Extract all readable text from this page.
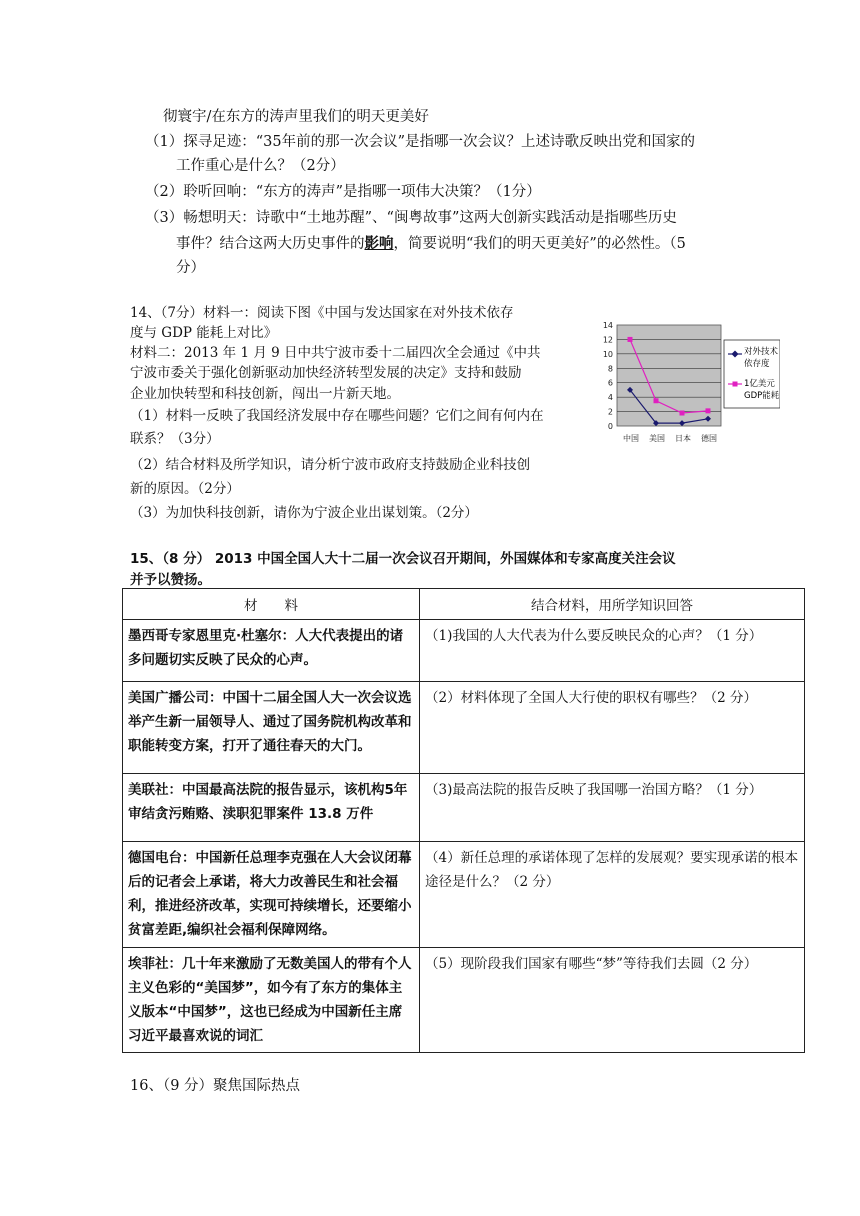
彻寰宇/在东方的涛声里我们的明天更美好
（1）探寻足迹：“35年前的那一次会议”是指哪一次会议？上述诗歌反映出党和国家的
工作重心是什么？（2分）
（2）聆听回响：“东方的涛声”是指哪一项伟大决策？（1分）
（3）畅想明天：诗歌中“土地苏醒”、“闽粤故事”这两大创新实践活动是指哪些历史
事件？结合这两大历史事件的影响，简要说明“我们的明天更美好”的必然性。（5
分）
14、（7分）材料一：阅读下图《中国与发达国家在对外技术依存
度与 GDP 能耗上对比》
材料二：2013 年 1 月 9 日中共宁波市委十二届四次全会通过《中共
宁波市委关于强化创新驱动加快经济转型发展的决定》支持和鼓励
企业加快转型和科技创新，闯出一片新天地。
（1）材料一反映了我国经济发展中存在哪些问题？它们之间有何内在
联系？（3分）
（2）结合材料及所学知识，请分析宁波市政府支持鼓励企业科技创
新的原因。（2分）
（3）为加快科技创新，请你为宁波企业出谋划策。（2分）
0
2
4
6
8
10
12
14
中国 美国 日本 德国
对外技术
依存度
1亿美元
GDP能耗
15、（8 分） 2013 中国全国人大十二届一次会议召开期间，外国媒体和专家高度关注会议
并予以赞扬。
材　　料	结合材料，用所学知识回答
墨西哥专家恩里克·杜塞尔：人大代表提出的诸多问题切实反映了民众的心声。	（1)我国的人大代表为什么要反映民众的心声？（1 分）
美国广播公司：中国十二届全国人大一次会议选举产生新一届领导人、通过了国务院机构改革和职能转变方案，打开了通往春天的大门。	（2）材料体现了全国人大行使的职权有哪些？（2 分）
美联社：中国最高法院的报告显示，该机构5年审结贪污贿赂、渎职犯罪案件 13.8 万件	（3)最高法院的报告反映了我国哪一治国方略？（1 分）
德国电台：中国新任总理李克强在人大会议闭幕后的记者会上承诺，将大力改善民生和社会福利，推进经济改革，实现可持续增长，还要缩小贫富差距,编织社会福利保障网络。	（4）新任总理的承诺体现了怎样的发展观？要实现承诺的根本途径是什么？（2 分）
埃菲社：几十年来激励了无数美国人的带有个人主义色彩的“美国梦”，如今有了东方的集体主义版本“中国梦”，这也已经成为中国新任主席习近平最喜欢说的词汇	（5）现阶段我们国家有哪些“梦”等待我们去圆（2 分）
16、（9 分）聚焦国际热点
